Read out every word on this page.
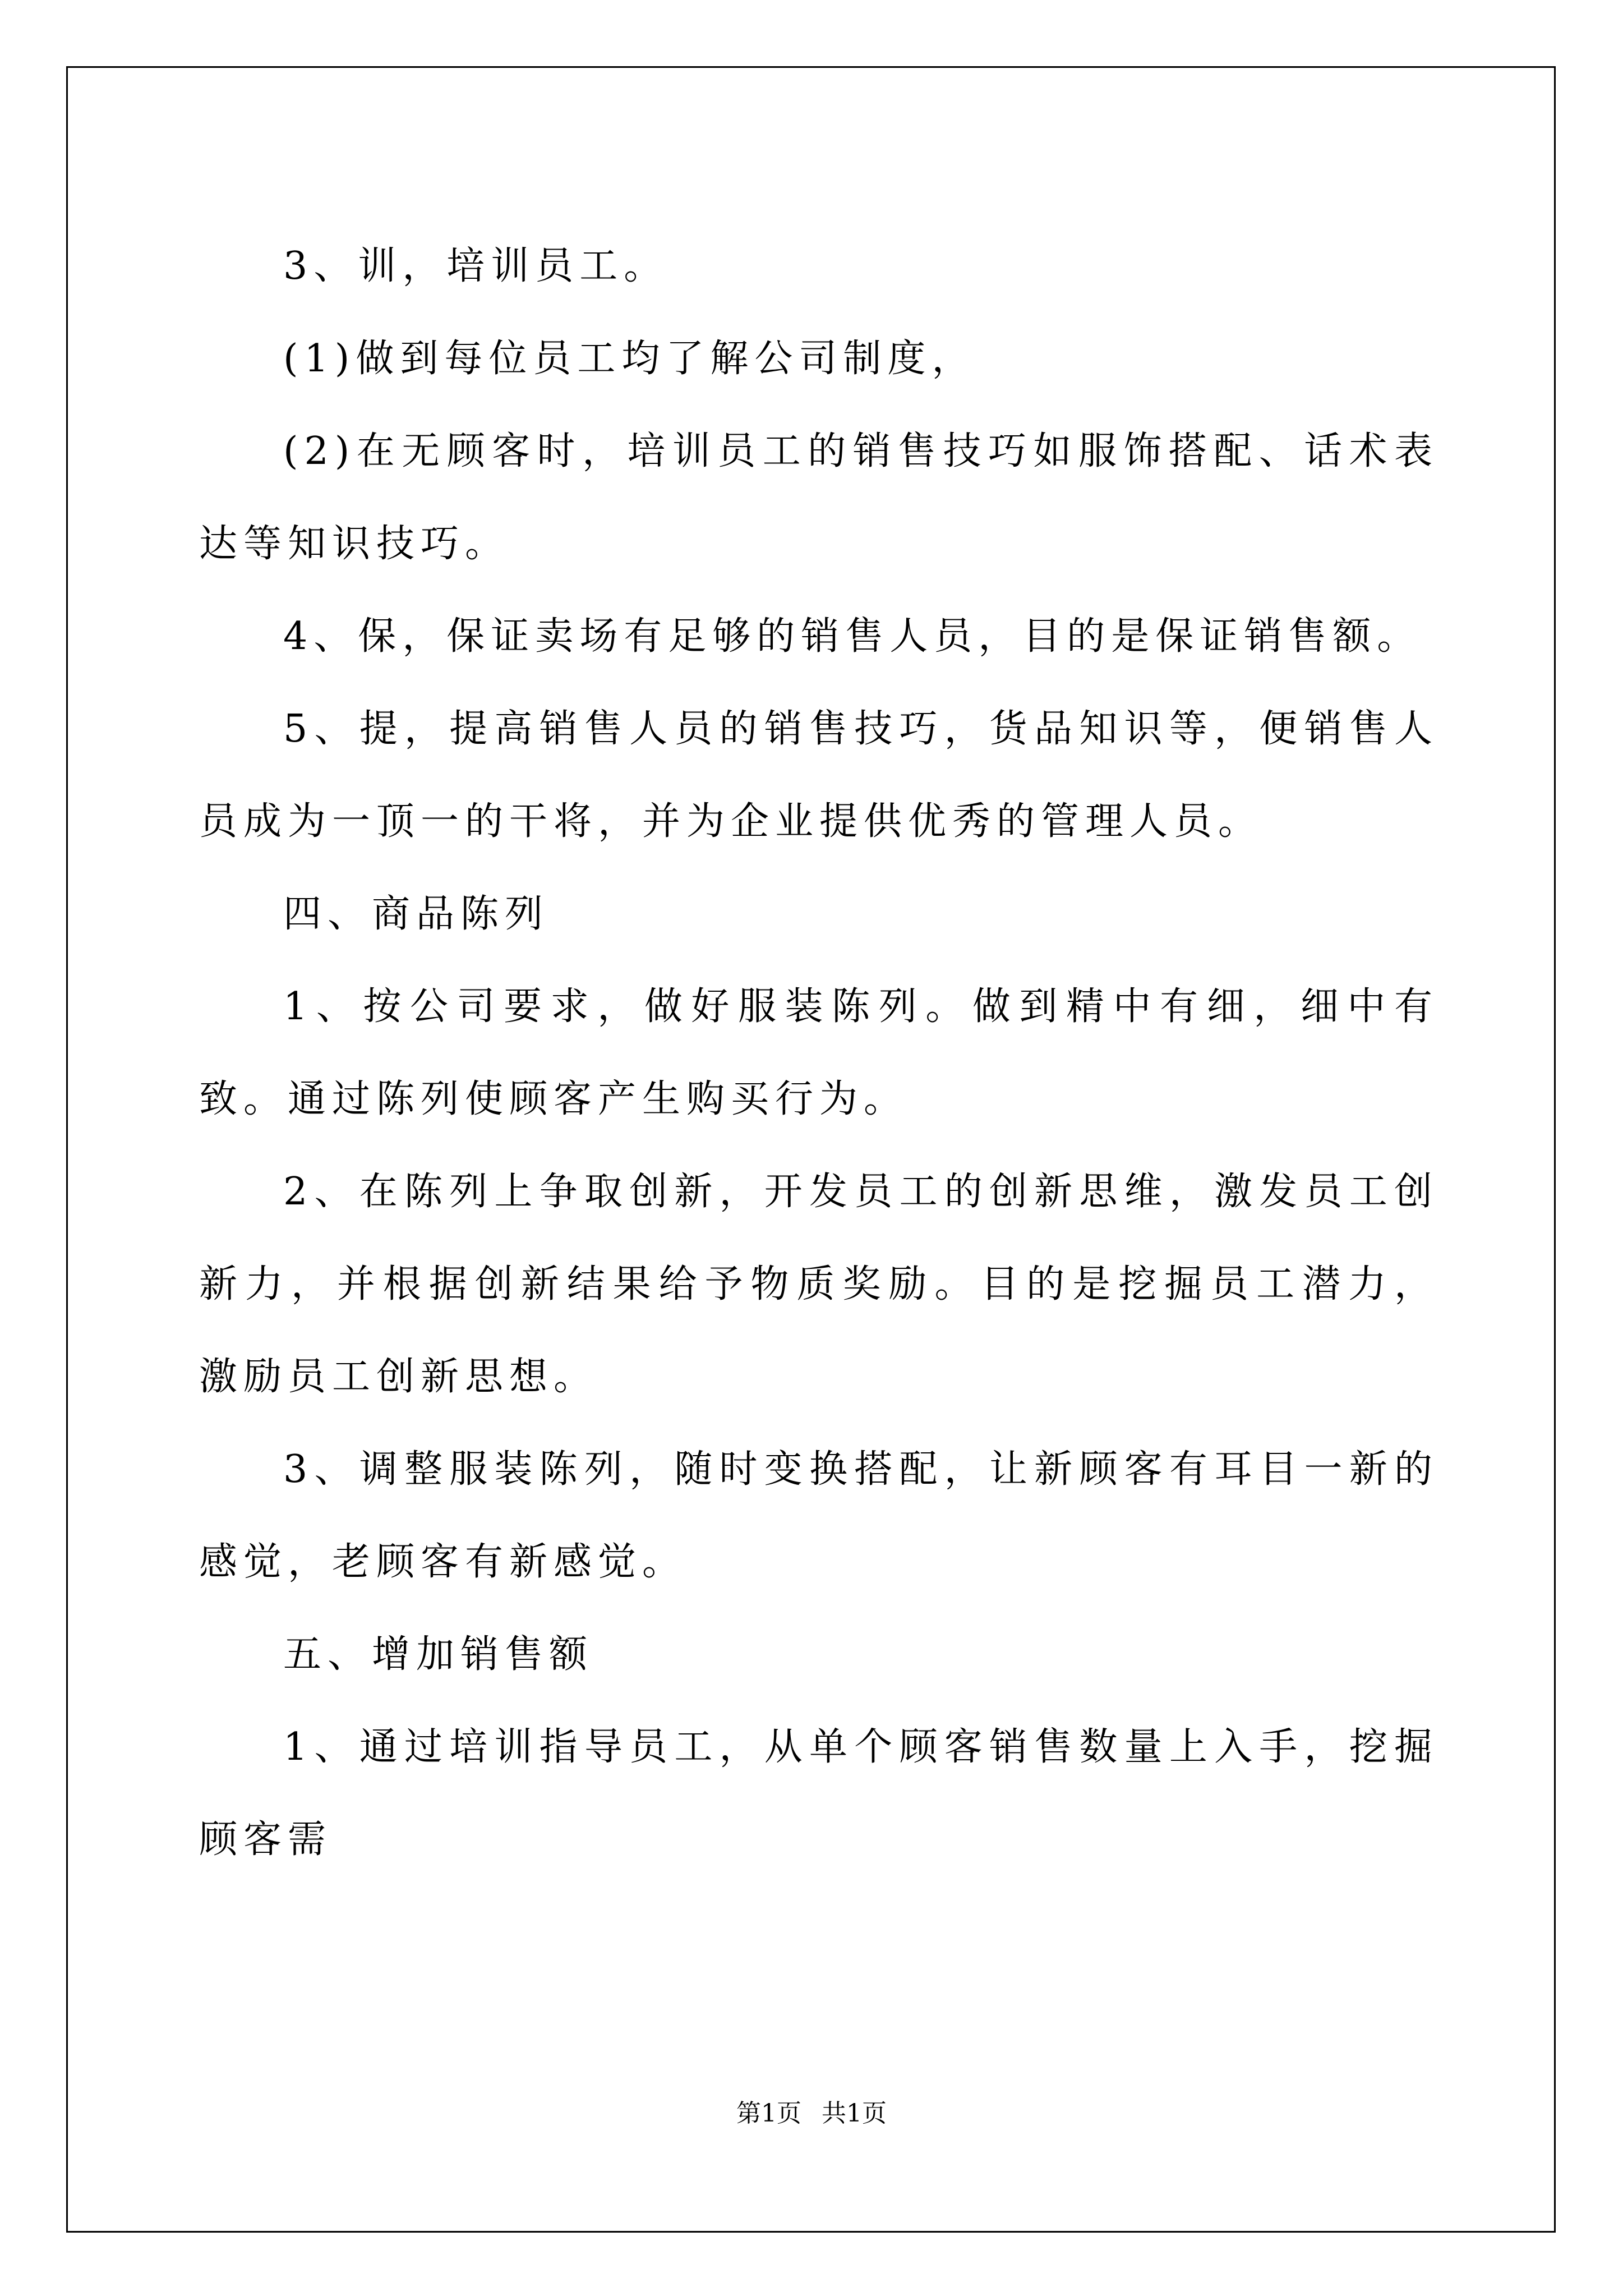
3、训，培训员工。

(1)做到每位员工均了解公司制度，

(2)在无顾客时，培训员工的销售技巧如服饰搭配、话术表达等知识技巧。

4、保，保证卖场有足够的销售人员，目的是保证销售额。

5、提，提高销售人员的销售技巧，货品知识等，便销售人员成为一顶一的干将，并为企业提供优秀的管理人员。

四、商品陈列

1、按公司要求，做好服装陈列。做到精中有细，细中有致。通过陈列使顾客产生购买行为。

2、在陈列上争取创新，开发员工的创新思维，激发员工创新力，并根据创新结果给予物质奖励。目的是挖掘员工潜力，激励员工创新思想。

3、调整服装陈列，随时变换搭配，让新顾客有耳目一新的感觉，老顾客有新感觉。

五、增加销售额

1、通过培训指导员工，从单个顾客销售数量上入手，挖掘顾客需

第1页 共1页
